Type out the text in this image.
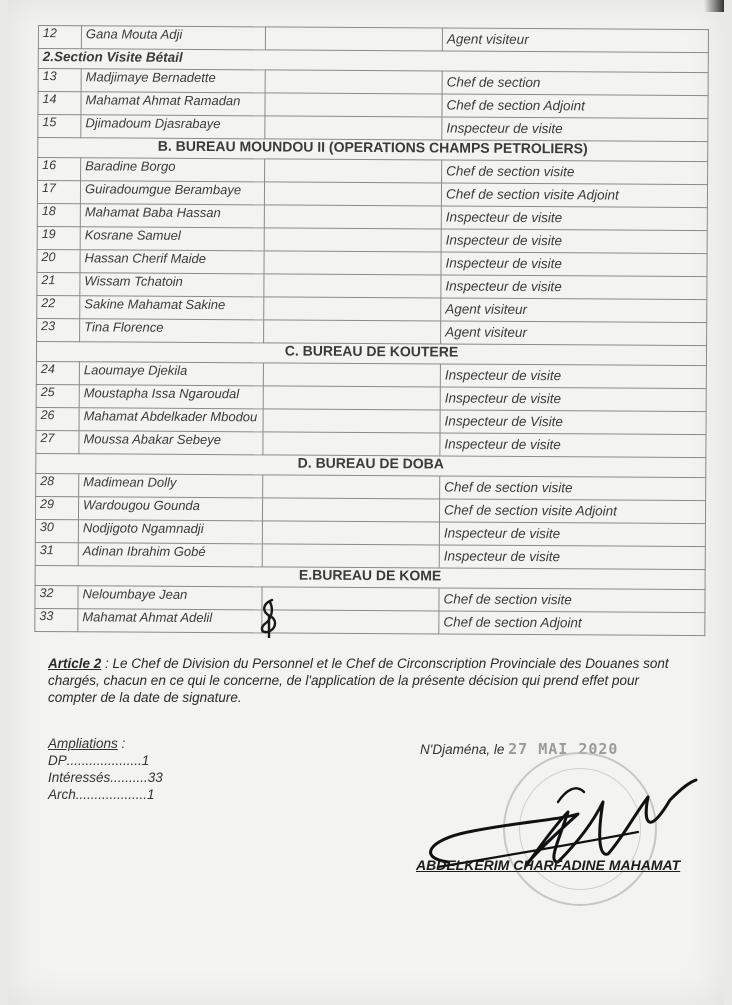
12	Gana Mouta Adji		Agent visiteur
2.Section Visite Bétail			
13	Madjimaye Bernadette		Chef de section
14	Mahamat Ahmat Ramadan		Chef de section Adjoint
15	Djimadoum Djasrabaye		Inspecteur de visite
B. BUREAU MOUNDOU II (OPERATIONS CHAMPS PETROLIERS)			
16	Baradine Borgo		Chef de section visite
17	Guiradoumgue Berambaye		Chef de section visite Adjoint
18	Mahamat Baba Hassan		Inspecteur de visite
19	Kosrane Samuel		Inspecteur de visite
20	Hassan Cherif Maide		Inspecteur de visite
21	Wissam Tchatoin		Inspecteur de visite
22	Sakine Mahamat Sakine		Agent visiteur
23	Tina Florence		Agent visiteur
C. BUREAU DE KOUTERE			
24	Laoumaye Djekila		Inspecteur de visite
25	Moustapha Issa Ngaroudal		Inspecteur de visite
26	Mahamat Abdelkader Mbodou		Inspecteur de Visite
27	Moussa Abakar Sebeye		Inspecteur de visite
D. BUREAU DE DOBA			
28	Madimean Dolly		Chef de section visite
29	Wardougou Gounda		Chef de section visite Adjoint
30	Nodjigoto Ngamnadji		Inspecteur de visite
31	Adinan Ibrahim Gobé		Inspecteur de visite
E.BUREAU DE KOME			
32	Neloumbaye Jean		Chef de section visite
33	Mahamat Ahmat Adelil		Chef de section Adjoint
Article 2 : Le Chef de Division du Personnel et le Chef de Circonscription Provinciale des Douanes sont chargés, chacun en ce qui le concerne, de l'application de la présente décision qui prend effet pour compter de la date de signature.
Ampliations :
DP .................... 1
Intéressés .......... 33
Arch ................... 1
N'Djaména, le 27 MAI 2020
ABDELKERIM CHARFADINE MAHAMAT
